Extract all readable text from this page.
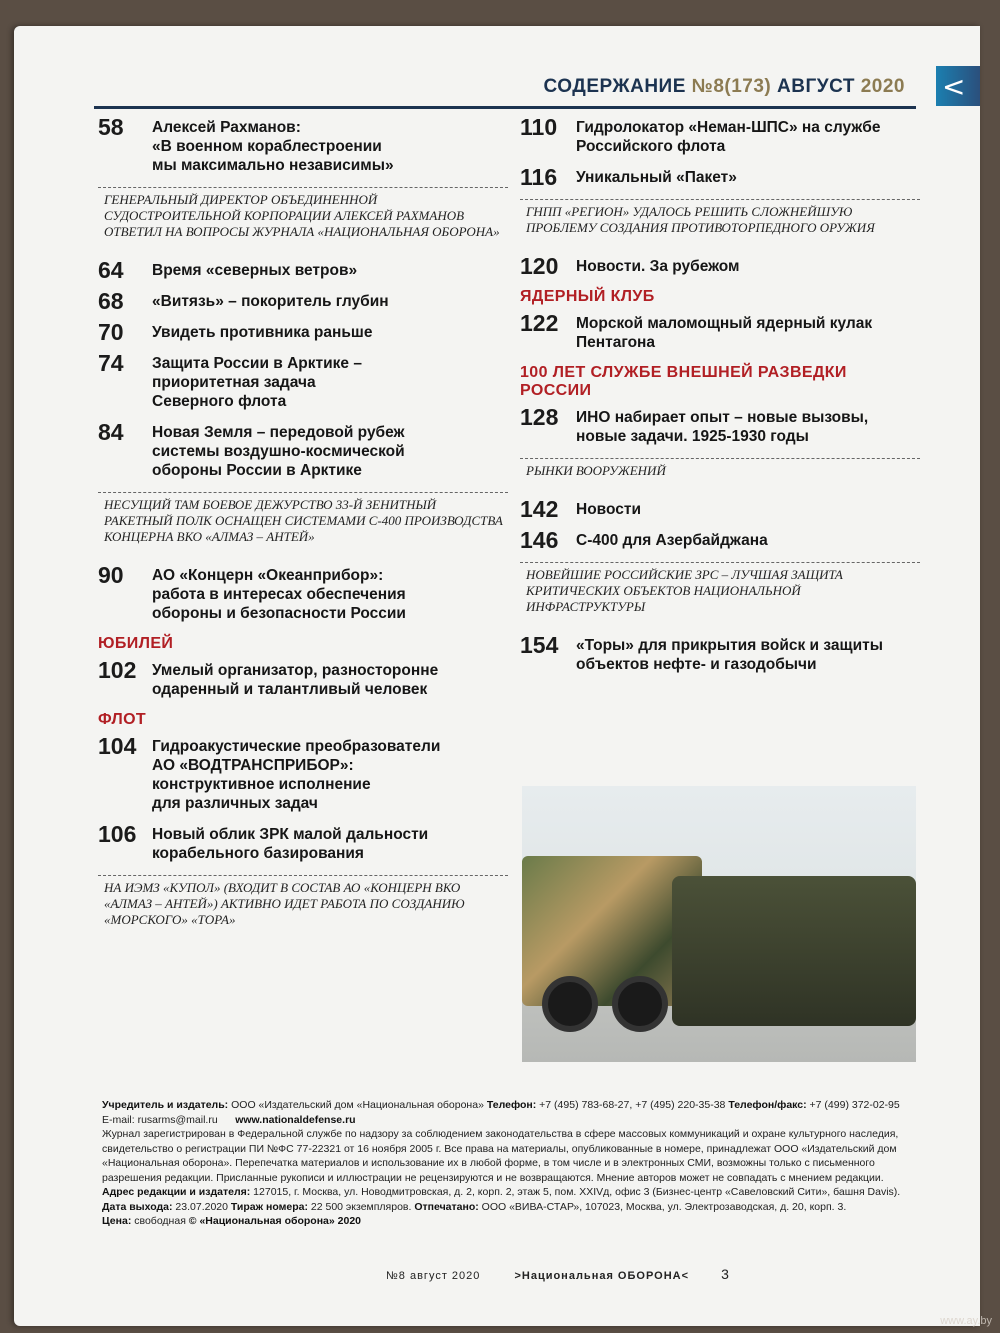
СОДЕРЖАНИЕ №8(173) АВГУСТ 2020 <
58 Алексей Рахманов:
«В военном кораблестроении
мы максимально независимы»
ГЕНЕРАЛЬНЫЙ ДИРЕКТОР ОБЪЕДИНЕННОЙ СУДОСТРОИТЕЛЬНОЙ КОРПОРАЦИИ АЛЕКСЕЙ РАХМАНОВ ОТВЕТИЛ НА ВОПРОСЫ ЖУРНАЛА «НАЦИОНАЛЬНАЯ ОБОРОНА»
64 Время «северных ветров»
68 «Витязь» – покоритель глубин
70 Увидеть противника раньше
74 Защита России в Арктике –
приоритетная задача
Северного флота
84 Новая Земля – передовой рубеж
системы воздушно-космической
обороны России в Арктике
НЕСУЩИЙ ТАМ БОЕВОЕ ДЕЖУРСТВО 33-Й ЗЕНИТНЫЙ РАКЕТНЫЙ ПОЛК ОСНАЩЕН СИСТЕМАМИ С-400 ПРОИЗВОДСТВА КОНЦЕРНА ВКО «АЛМАЗ – АНТЕЙ»
90 АО «Концерн «Океанприбор»:
работа в интересах обеспечения
обороны и безопасности России
ЮБИЛЕЙ
102 Умелый организатор, разносторонне
одаренный и талантливый человек
ФЛОТ
104 Гидроакустические преобразователи
АО «ВОДТРАНСПРИБОР»:
конструктивное исполнение
для различных задач
106 Новый облик ЗРК малой дальности
корабельного базирования
НА ИЭМЗ «КУПОЛ» (ВХОДИТ В СОСТАВ АО «КОНЦЕРН ВКО «АЛМАЗ – АНТЕЙ») АКТИВНО ИДЕТ РАБОТА ПО СОЗДАНИЮ «МОРСКОГО» «ТОРА»
110 Гидролокатор «Неман-ШПС» на службе
Российского флота
116 Уникальный «Пакет»
ГНПП «РЕГИОН» УДАЛОСЬ РЕШИТЬ СЛОЖНЕЙШУЮ ПРОБЛЕМУ СОЗДАНИЯ ПРОТИВОТОРПЕДНОГО ОРУЖИЯ
120 Новости. За рубежом
ЯДЕРНЫЙ КЛУБ
122 Морской маломощный ядерный кулак
Пентагона
100 ЛЕТ СЛУЖБЕ ВНЕШНЕЙ РАЗВЕДКИ РОССИИ
128 ИНО набирает опыт – новые вызовы,
новые задачи. 1925-1930 годы
РЫНКИ ВООРУЖЕНИЙ
142 Новости
146 С-400 для Азербайджана
НОВЕЙШИЕ РОССИЙСКИЕ ЗРС – ЛУЧШАЯ ЗАЩИТА КРИТИЧЕСКИХ ОБЪЕКТОВ НАЦИОНАЛЬНОЙ ИНФРАСТРУКТУРЫ
154 «Торы» для прикрытия войск и защиты
объектов нефте- и газодобычи
Учредитель и издатель: ООО «Издательский дом «Национальная оборона» Телефон: +7 (495) 783-68-27, +7 (495) 220-35-38 Телефон/факс: +7 (499) 372-02-95
E-mail: rusarms@mail.ru www.nationaldefense.ru
Журнал зарегистрирован в Федеральной службе по надзору за соблюдением законодательства в сфере массовых коммуникаций и охране культурного наследия, свидетельство о регистрации ПИ №ФС 77-22321 от 16 ноября 2005 г. Все права на материалы, опубликованные в номере, принадлежат ООО «Издательский дом «Национальная оборона». Перепечатка материалов и использование их в любой форме, в том числе и в электронных СМИ, возможны только с письменного разрешения редакции. Присланные рукописи и иллюстрации не рецензируются и не возвращаются. Мнение авторов может не совпадать с мнением редакции.
Адрес редакции и издателя: 127015, г. Москва, ул. Новодмитровская, д. 2, корп. 2, этаж 5, пом. XXIVд, офис 3 (Бизнес-центр «Савеловский Сити», башня Davis).
Дата выхода: 23.07.2020 Тираж номера: 22 500 экземпляров. Отпечатано: ООО «ВИВА-СТАР», 107023, Москва, ул. Электрозаводская, д. 20, корп. 3.
Цена: свободная © «Национальная оборона» 2020
№8 август 2020	>Национальная ОБОРОНА< 3
www.ay.by
